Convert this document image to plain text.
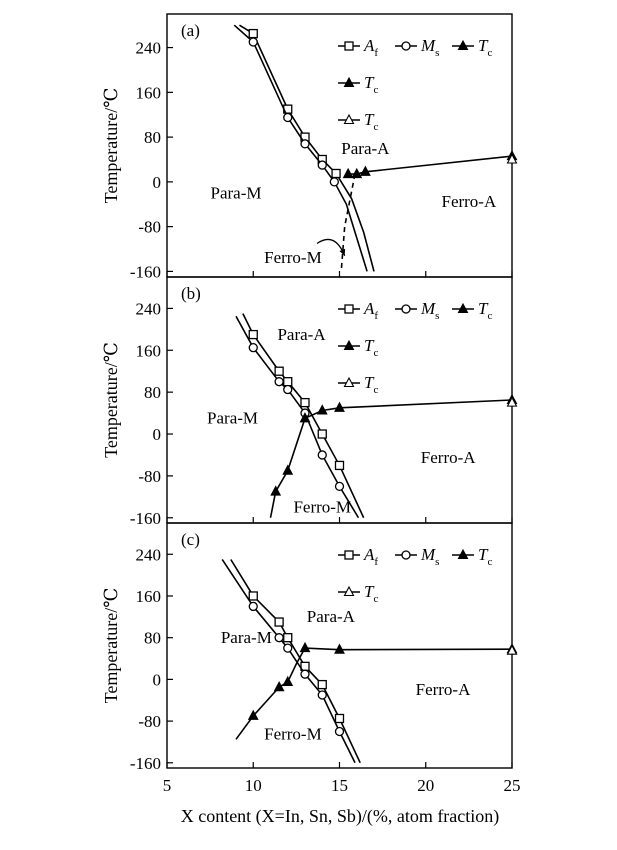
240
160
80
0
-80
-160
Temperature/℃
(a)
Para-A
Para-M	Ferro-A
Ferro-M
$A_f$	$M_s$ $T_c$
$T_c$
$T_c$
240
160
80
0
-80
-160
Temperature/℃
(b)
Para-A
Para-M
Ferro-A
Ferro-M
$A_f$	$M_s$ $T_c$
$T_c$
$T_c$
240
160
80
0
-80
-160
Temperature/℃
(c)
Para-A
Para-M
Ferro-A
Ferro-M
$A_f$	$M_s$ $T_c$
$T_c$
5	10	15	20	25
X content (X=In, Sn, Sb)/(%, atom fraction)
